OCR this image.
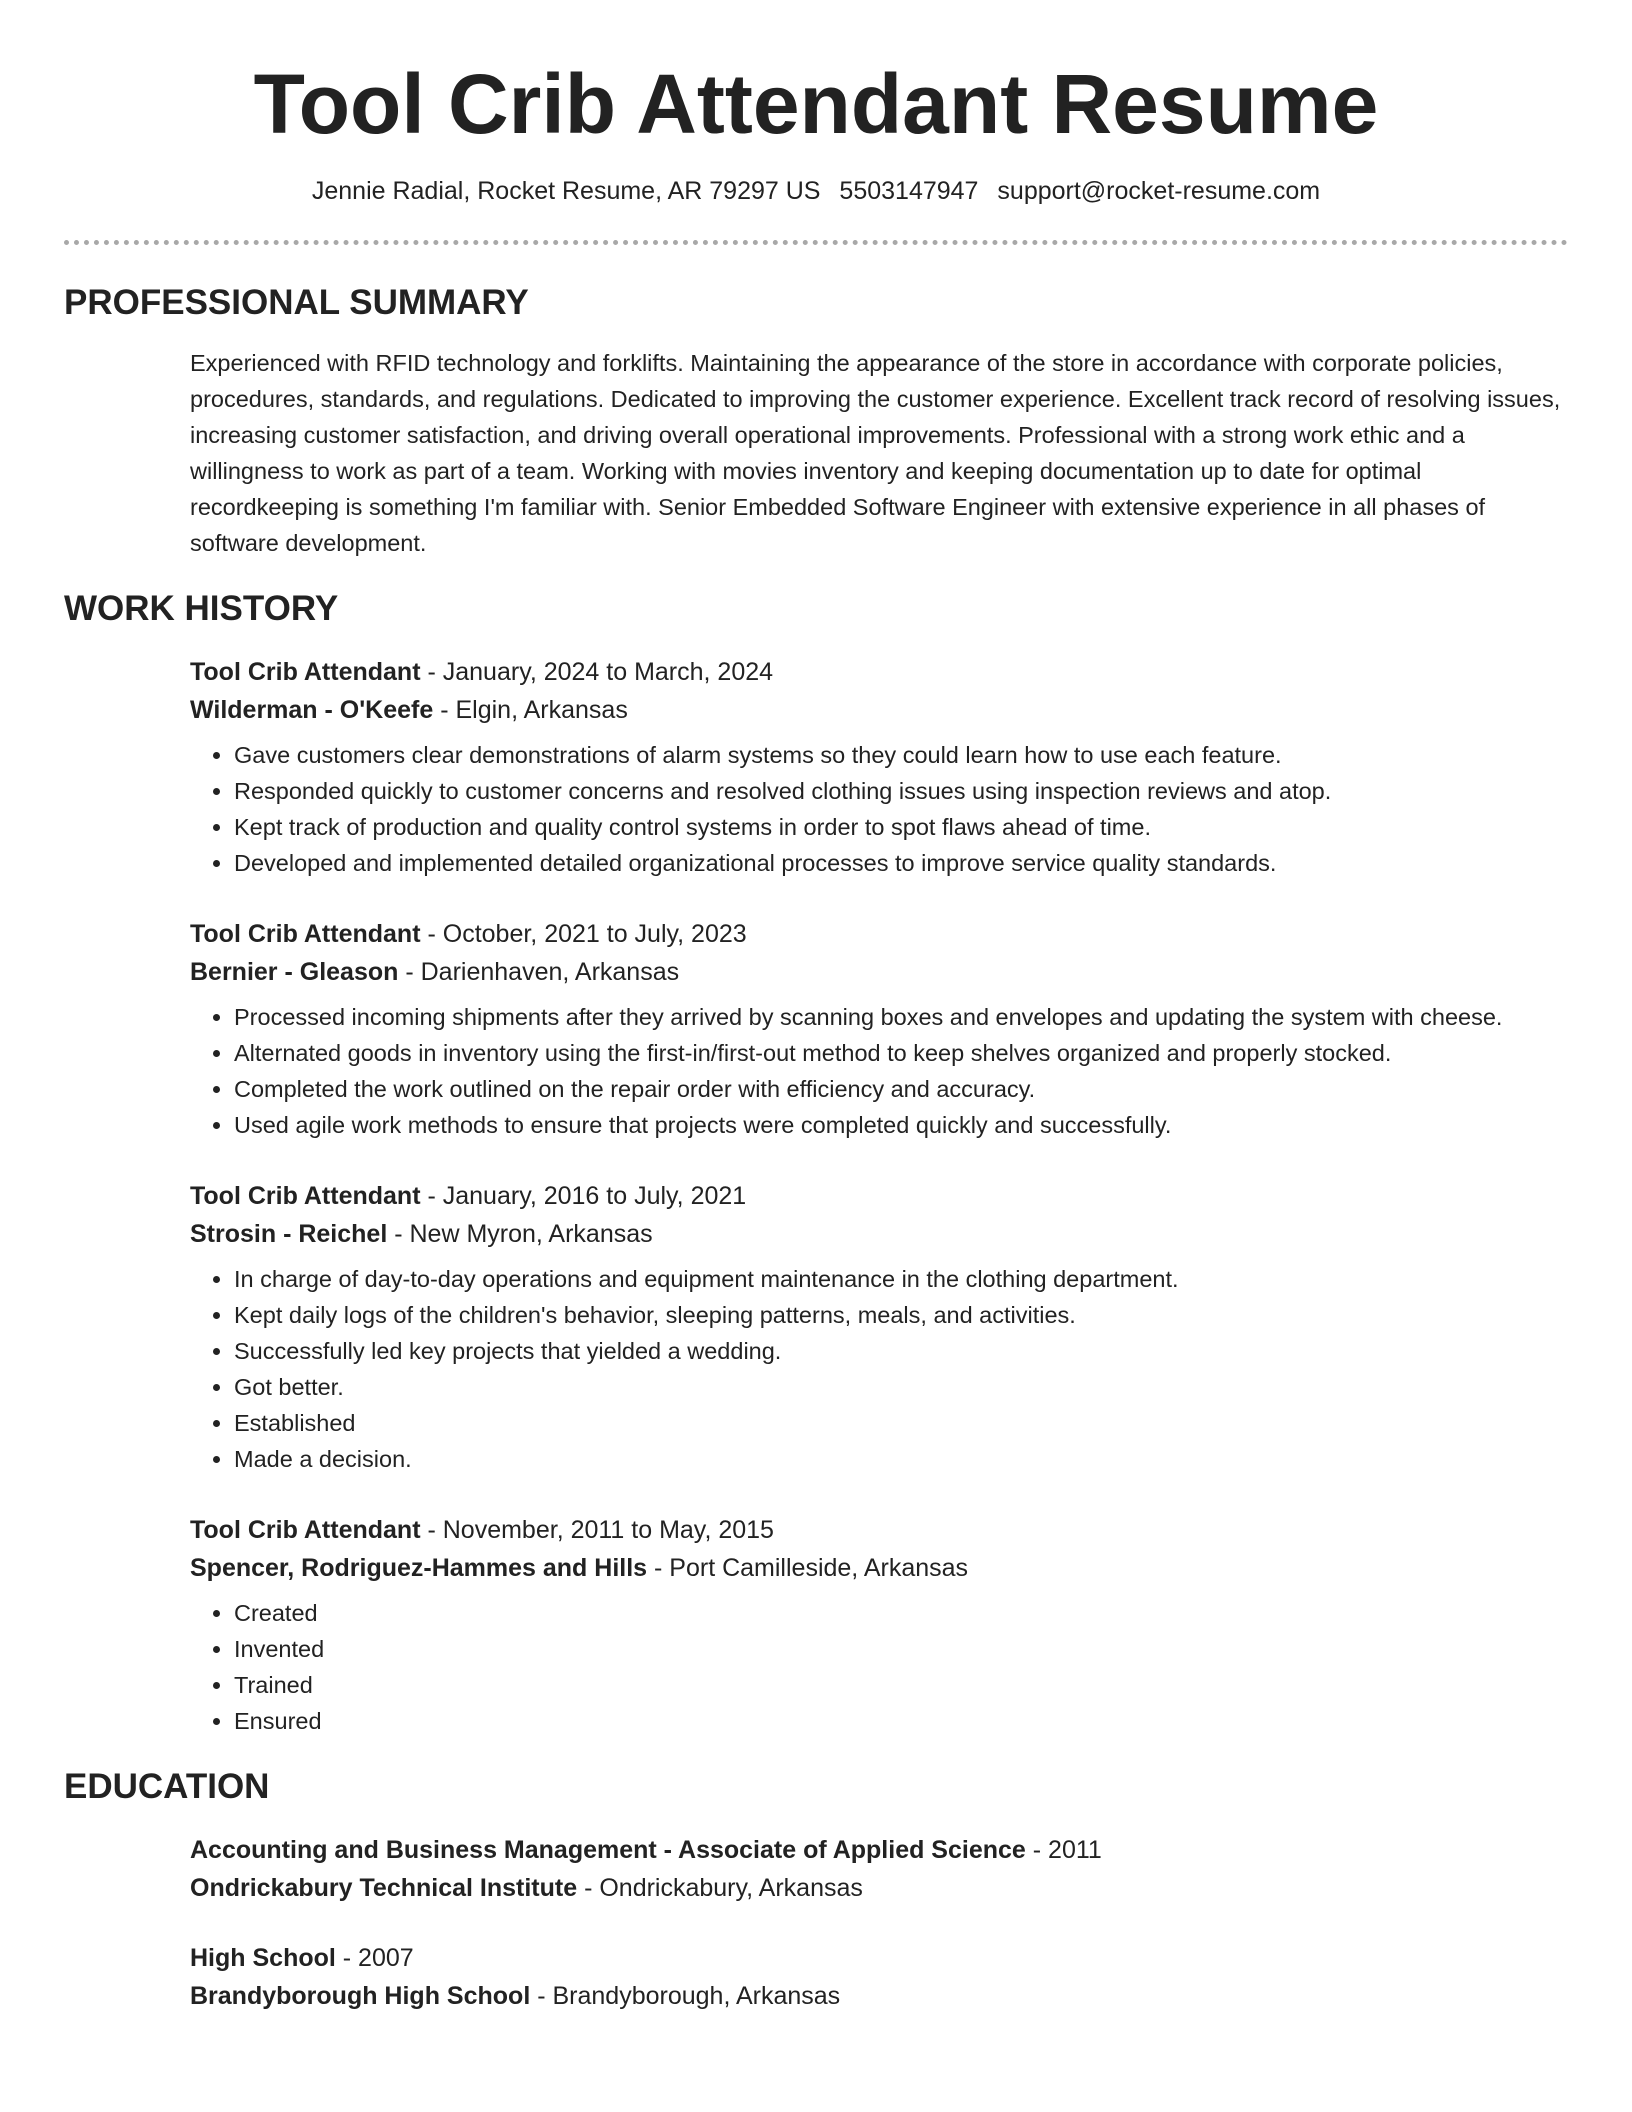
Tool Crib Attendant Resume
Jennie Radial, Rocket Resume, AR 79297 US 5503147947 support@rocket-resume.com
PROFESSIONAL SUMMARY

Experienced with RFID technology and forklifts. Maintaining the appearance of the store in accordance with corporate policies, procedures, standards, and regulations. Dedicated to improving the customer experience. Excellent track record of resolving issues, increasing customer satisfaction, and driving overall operational improvements. Professional with a strong work ethic and a willingness to work as part of a team. Working with movies inventory and keeping documentation up to date for optimal recordkeeping is something I'm familiar with. Senior Embedded Software Engineer with extensive experience in all phases of software development.

WORK HISTORY
Tool Crib Attendant - January, 2024 to March, 2024
Wilderman - O'Keefe - Elgin, Arkansas
• Gave customers clear demonstrations of alarm systems so they could learn how to use each feature.
• Responded quickly to customer concerns and resolved clothing issues using inspection reviews and atop.
• Kept track of production and quality control systems in order to spot flaws ahead of time.
• Developed and implemented detailed organizational processes to improve service quality standards.
Tool Crib Attendant - October, 2021 to July, 2023
Bernier - Gleason - Darienhaven, Arkansas
• Processed incoming shipments after they arrived by scanning boxes and envelopes and updating the system with cheese.
• Alternated goods in inventory using the first-in/first-out method to keep shelves organized and properly stocked.
• Completed the work outlined on the repair order with efficiency and accuracy.
• Used agile work methods to ensure that projects were completed quickly and successfully.
Tool Crib Attendant - January, 2016 to July, 2021
Strosin - Reichel - New Myron, Arkansas
• In charge of day-to-day operations and equipment maintenance in the clothing department.
• Kept daily logs of the children's behavior, sleeping patterns, meals, and activities.
• Successfully led key projects that yielded a wedding.
• Got better.
• Established
• Made a decision.
Tool Crib Attendant - November, 2011 to May, 2015
Spencer, Rodriguez-Hammes and Hills - Port Camilleside, Arkansas
• Created
• Invented
• Trained
• Ensured
EDUCATION
Accounting and Business Management - Associate of Applied Science - 2011
Ondrickabury Technical Institute - Ondrickabury, Arkansas
High School - 2007
Brandyborough High School - Brandyborough, Arkansas
